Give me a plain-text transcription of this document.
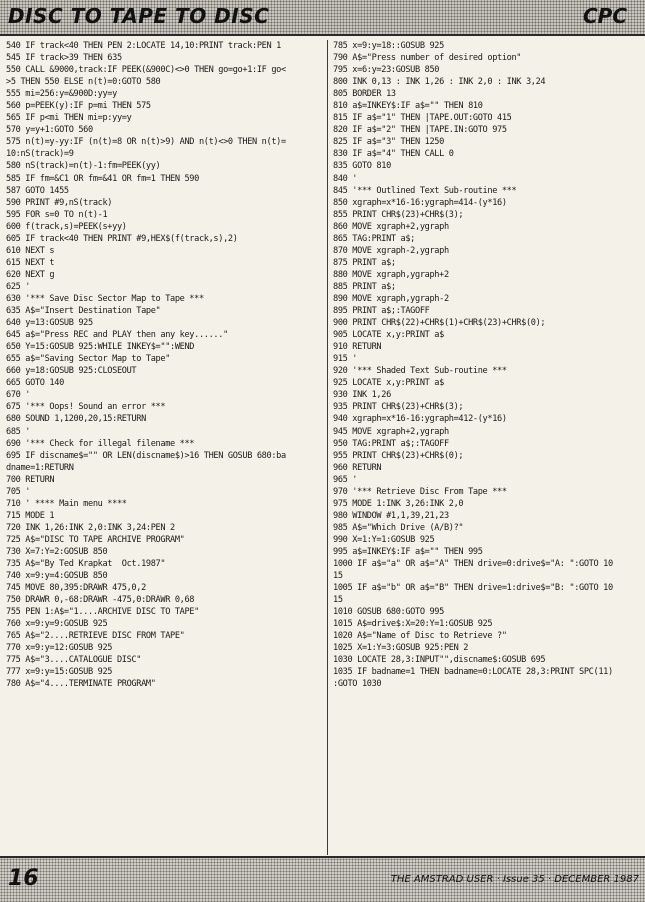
DISC TO TAPE TO DISC	CPC
540 IF track<40 THEN PEN 2:LOCATE 14,10:PRINT track:PEN 1
545 IF track>39 THEN 635
550 CALL &9000,track:IF PEEK(&900C)<>0 THEN go=go+1:IF go<
>5 THEN 550 ELSE n(t)=0:GOTO 580
555 mi=256:y=&900D:yy=y
560 p=PEEK(y):IF p=mi THEN 575
565 IF p<mi THEN mi=p:yy=y
570 y=y+1:GOTO 560
575 n(t)=y-yy:IF (n(t)=8 OR n(t)>9) AND n(t)<>0 THEN n(t)=
10:nS(track)=9
580 nS(track)=n(t)-1:fm=PEEK(yy)
585 IF fm=&C1 OR fm=&41 OR fm=1 THEN 590
587 GOTO 1455
590 PRINT #9,nS(track)
595 FOR s=0 TO n(t)-1
600 f(track,s)=PEEK(s+yy)
605 IF track<40 THEN PRINT #9,HEX$(f(track,s),2)
610 NEXT s
615 NEXT t
620 NEXT g
625 '
630 '*** Save Disc Sector Map to Tape ***
635 A$="Insert Destination Tape"
640 y=13:GOSUB 925
645 a$="Press REC and PLAY then any key......"
650 Y=15:GOSUB 925:WHILE INKEY$="":WEND
655 a$="Saving Sector Map to Tape"
660 y=18:GOSUB 925:CLOSEOUT
665 GOTO 140
670 '
675 '*** Oops! Sound an error ***
680 SOUND 1,1200,20,15:RETURN
685 '
690 '*** Check for illegal filename ***
695 IF discname$="" OR LEN(discname$)>16 THEN GOSUB 680:ba
dname=1:RETURN
700 RETURN
705 '
710 ' **** Main menu ****
715 MODE 1
720 INK 1,26:INK 2,0:INK 3,24:PEN 2
725 A$="DISC TO TAPE ARCHIVE PROGRAM"
730 X=7:Y=2:GOSUB 850
735 A$="By Ted Krapkat  Oct.1987"
740 x=9:y=4:GOSUB 850
745 MOVE 80,395:DRAWR 475,0,2
750 DRAWR 0,-68:DRAWR -475,0:DRAWR 0,68
755 PEN 1:A$="1....ARCHIVE DISC TO TAPE"
760 x=9:y=9:GOSUB 925
765 A$="2....RETRIEVE DISC FROM TAPE"
770 x=9:y=12:GOSUB 925
775 A$="3....CATALOGUE DISC"
777 x=9:y=15:GOSUB 925
780 A$="4....TERMINATE PROGRAM"
785 x=9:y=18::GOSUB 925
790 A$="Press number of desired option"
795 x=6:y=23:GOSUB 850
800 INK 0,13 : INK 1,26 : INK 2,0 : INK 3,24
805 BORDER 13
810 a$=INKEY$:IF a$="" THEN 810
815 IF a$="1" THEN |TAPE.OUT:GOTO 415
820 IF a$="2" THEN |TAPE.IN:GOTO 975
825 IF a$="3" THEN 1250
830 IF a$="4" THEN CALL 0
835 GOTO 810
840 '
845 '*** Outlined Text Sub-routine ***
850 xgraph=x*16-16:ygraph=414-(y*16)
855 PRINT CHR$(23)+CHR$(3);
860 MOVE xgraph+2,ygraph
865 TAG:PRINT a$;
870 MOVE xgraph-2,ygraph
875 PRINT a$;
880 MOVE xgraph,ygraph+2
885 PRINT a$;
890 MOVE xgraph,ygraph-2
895 PRINT a$;:TAGOFF
900 PRINT CHR$(22)+CHR$(1)+CHR$(23)+CHR$(0);
905 LOCATE x,y:PRINT a$
910 RETURN
915 '
920 '*** Shaded Text Sub-routine ***
925 LOCATE x,y:PRINT a$
930 INK 1,26
935 PRINT CHR$(23)+CHR$(3);
940 xgraph=x*16-16:ygraph=412-(y*16)
945 MOVE xgraph+2,ygraph
950 TAG:PRINT a$;:TAGOFF
955 PRINT CHR$(23)+CHR$(0);
960 RETURN
965 '
970 '*** Retrieve Disc From Tape ***
975 MODE 1:INK 3,26:INK 2,0
980 WINDOW #1,1,39,21,23
985 A$="Which Drive (A/B)?"
990 X=1:Y=1:GOSUB 925
995 a$=INKEY$:IF a$="" THEN 995
1000 IF a$="a" OR a$="A" THEN drive=0:drive$="A: ":GOTO 10
15
1005 IF a$="b" OR a$="B" THEN drive=1:drive$="B: ":GOTO 10
15
1010 GOSUB 680:GOTO 995
1015 A$=drive$:X=20:Y=1:GOSUB 925
1020 A$="Name of Disc to Retrieve ?"
1025 X=1:Y=3:GOSUB 925:PEN 2
1030 LOCATE 28,3:INPUT"",discname$:GOSUB 695
1035 IF badname=1 THEN badname=0:LOCATE 28,3:PRINT SPC(11)
:GOTO 1030
16	THE AMSTRAD USER · Issue 35 · DECEMBER 1987
